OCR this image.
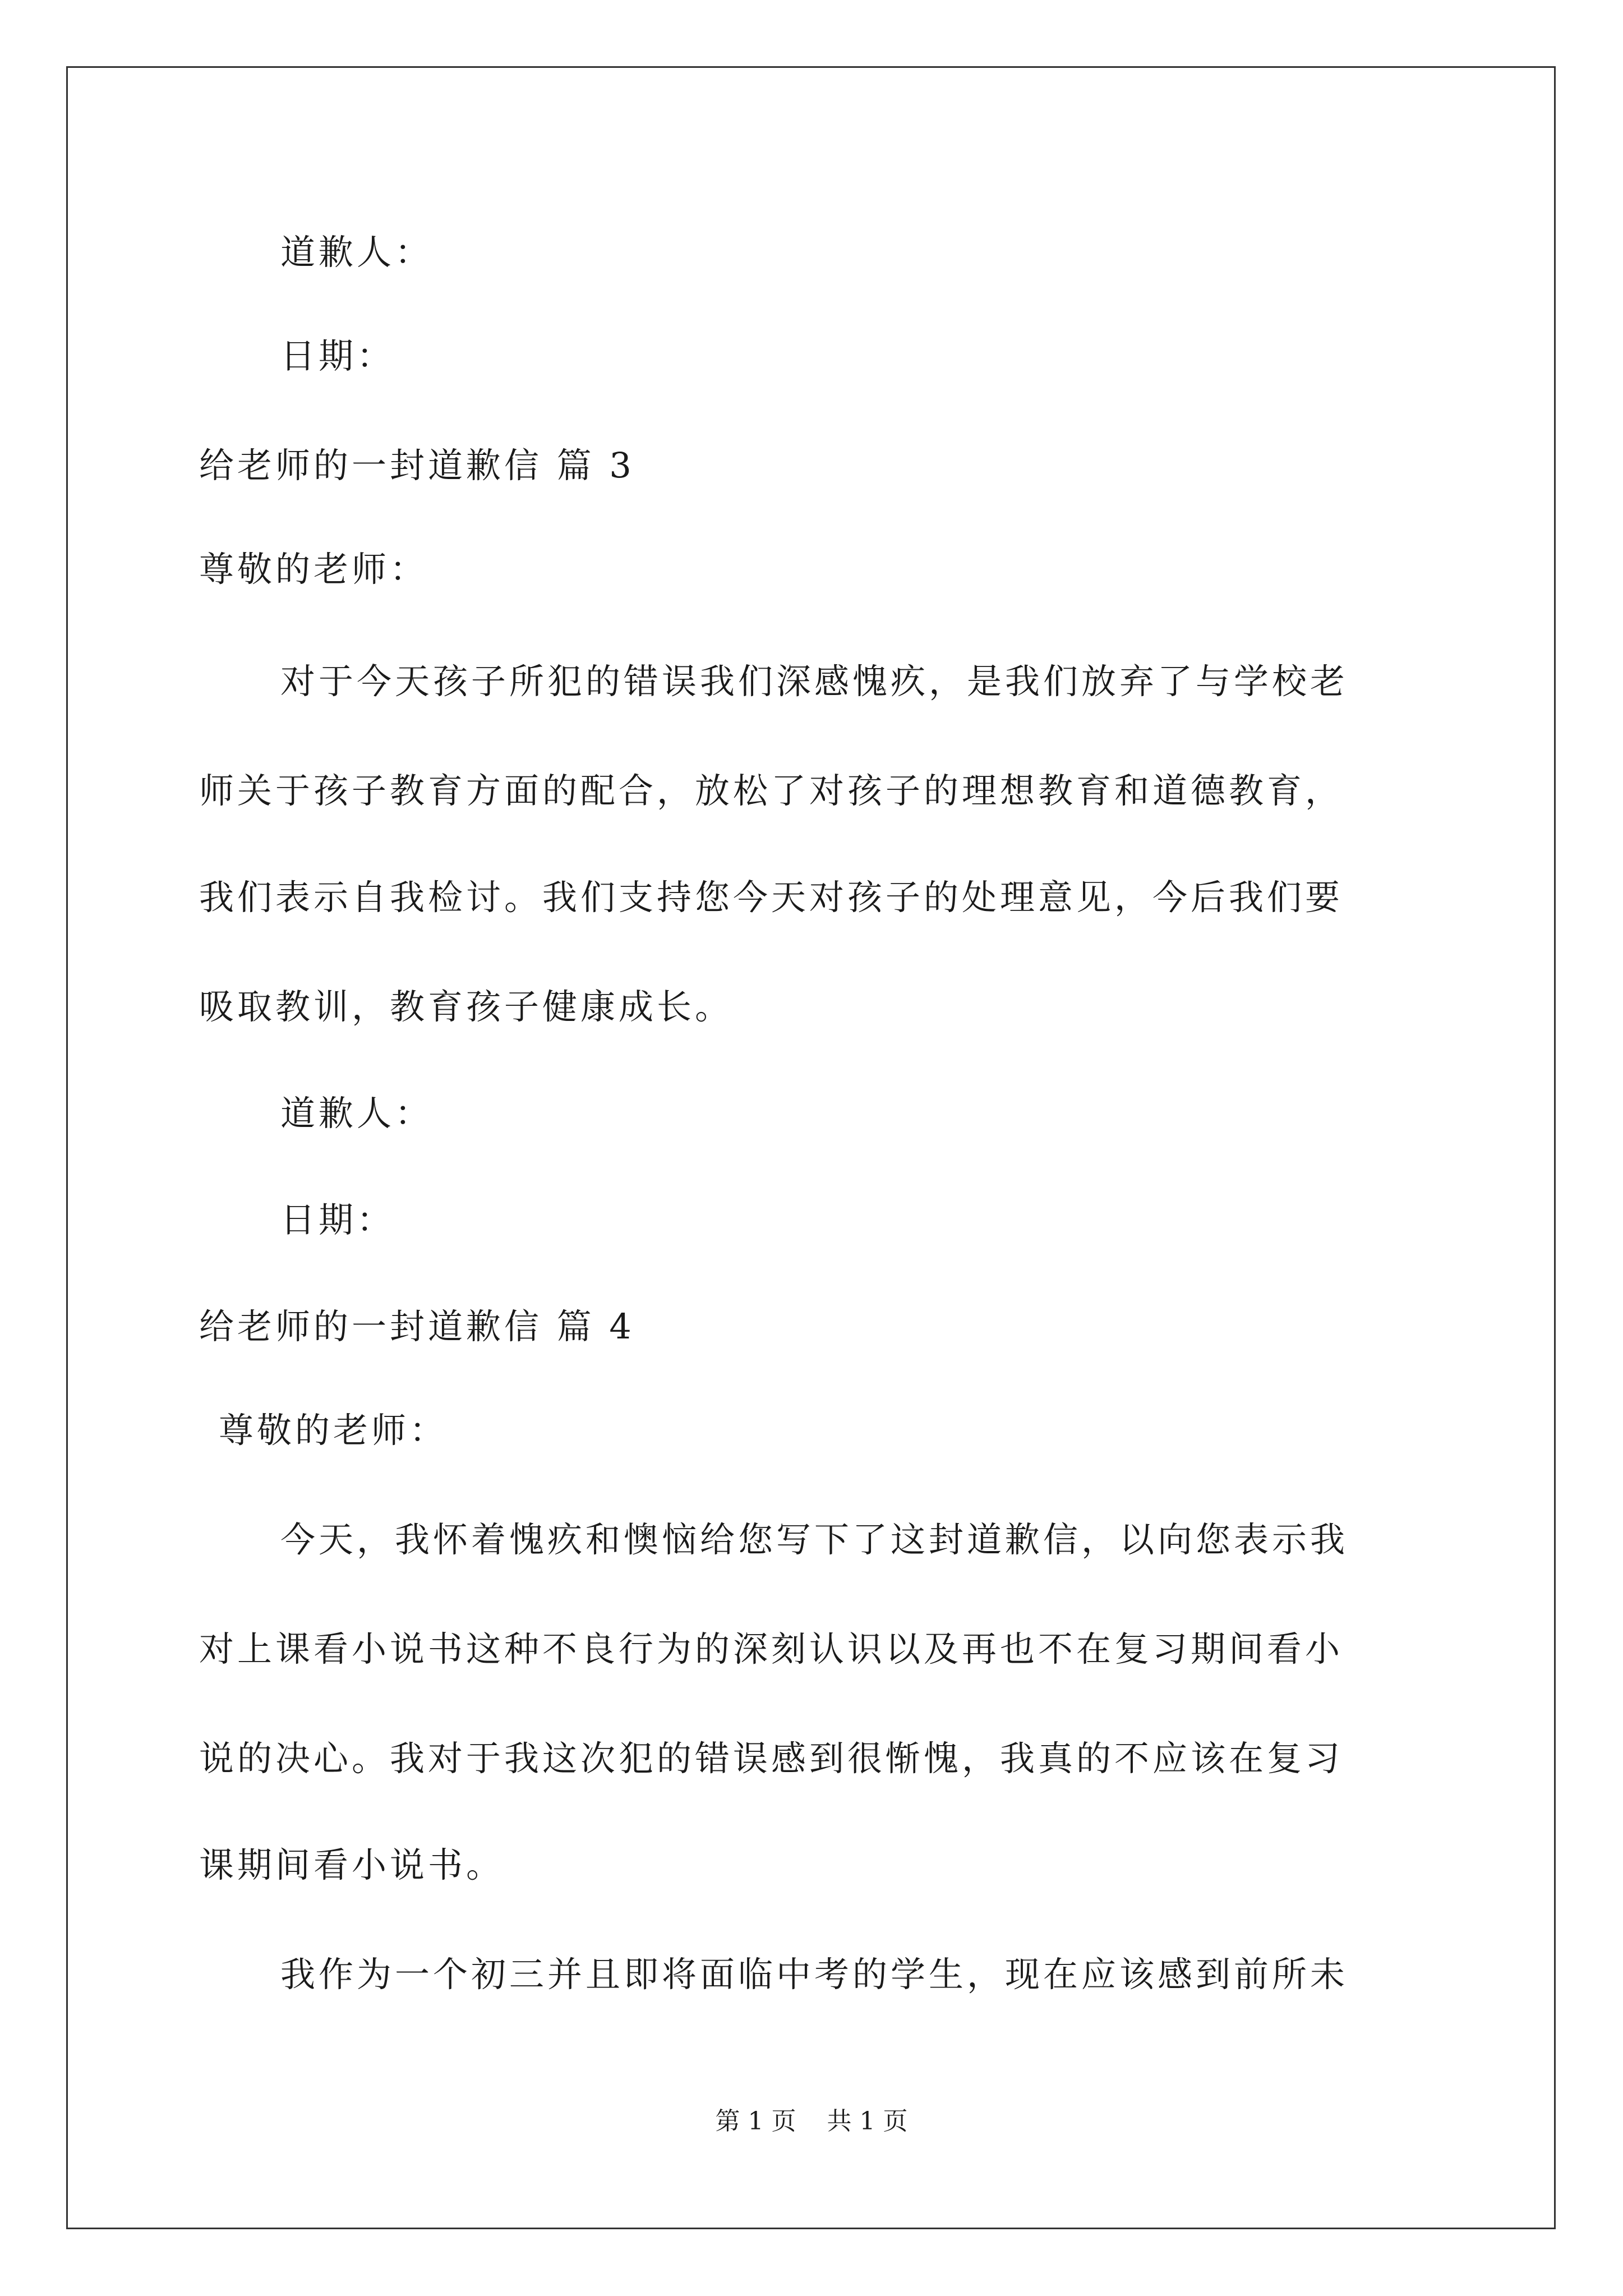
道歉人：
日期：
给老师的一封道歉信 篇 3
尊敬的老师：
对于今天孩子所犯的错误我们深感愧疚，是我们放弃了与学校老
师关于孩子教育方面的配合，放松了对孩子的理想教育和道德教育，
我们表示自我检讨。我们支持您今天对孩子的处理意见，今后我们要
吸取教训，教育孩子健康成长。
道歉人：
日期：
给老师的一封道歉信 篇 4
尊敬的老师：
今天，我怀着愧疚和懊恼给您写下了这封道歉信，以向您表示我
对上课看小说书这种不良行为的深刻认识以及再也不在复习期间看小
说的决心。我对于我这次犯的错误感到很惭愧，我真的不应该在复习
课期间看小说书。
我作为一个初三并且即将面临中考的学生，现在应该感到前所未
第 1 页 共 1 页
